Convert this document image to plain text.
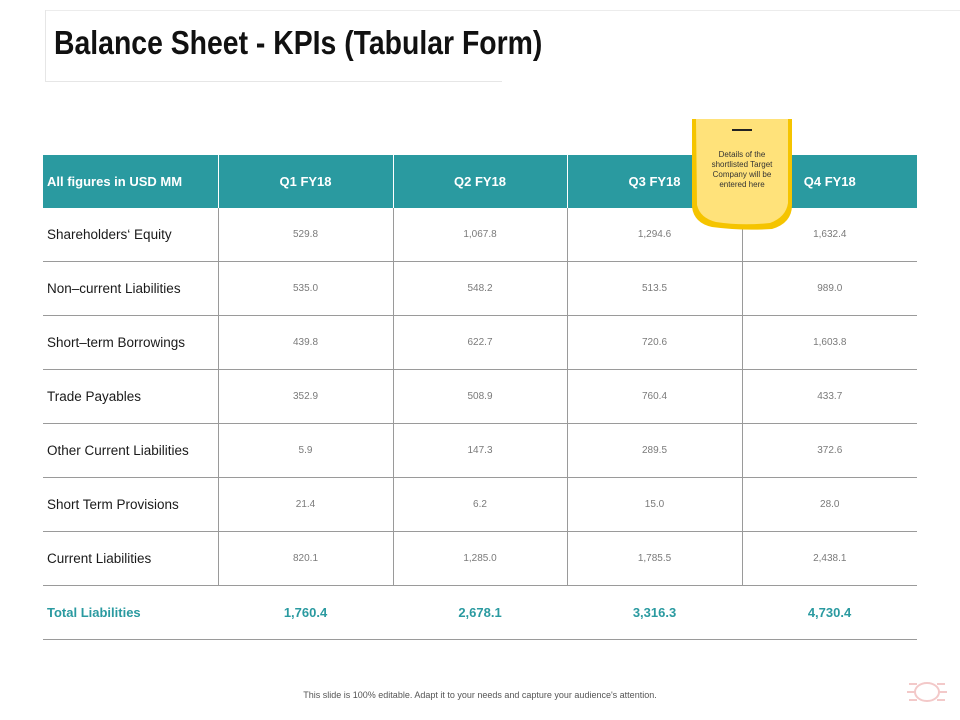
Balance Sheet - KPIs (Tabular Form)
All figures in USD MM	Q1 FY18	Q2 FY18	Q3 FY18	Q4 FY18
Shareholders‘ Equity	529.8	1,067.8	1,294.6	1,632.4
Non–current Liabilities	535.0	548.2	513.5	989.0
Short–term Borrowings	439.8	622.7	720.6	1,603.8
Trade Payables	352.9	508.9	760.4	433.7
Other Current Liabilities	5.9	147.3	289.5	372.6
Short Term Provisions	21.4	6.2	15.0	28.0
Current Liabilities	820.1	1,285.0	1,785.5	2,438.1
Total Liabilities	1,760.4	2,678.1	3,316.3	4,730.4
Details of the shortlisted Target Company will be entered here
This slide is 100% editable. Adapt it to your needs and capture your audience's attention.
